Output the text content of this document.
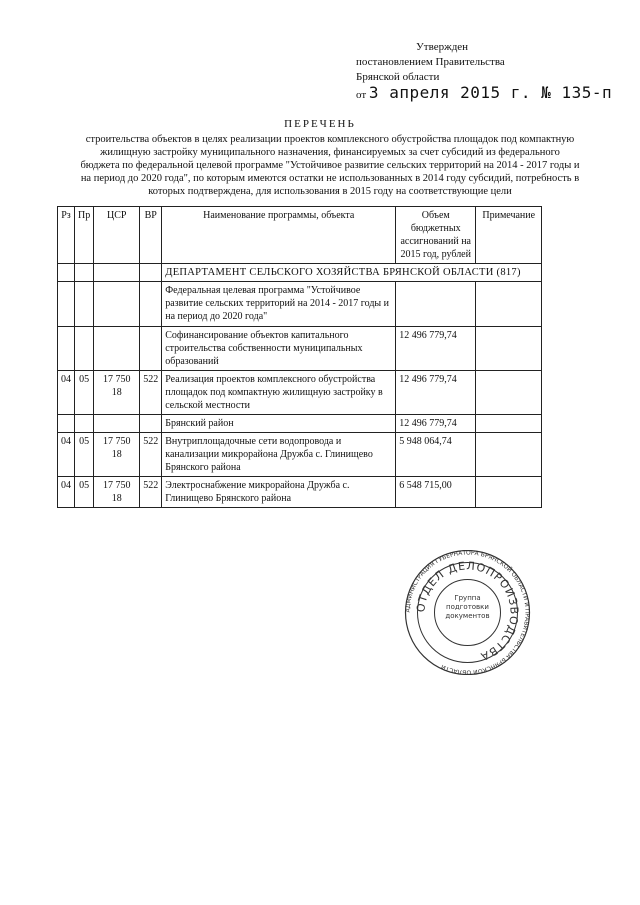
Утвержден
постановлением Правительства
Брянской области
от 3 апреля 2015 г. № 135-п
ПЕРЕЧЕНЬ
строительства объектов в целях реализации проектов комплексного обустройства площадок под компактную жилищную застройку муниципального назначения, финансируемых за счет субсидий из федерального бюджета по федеральной целевой программе "Устойчивое развитие сельских территорий на 2014 - 2017 годы и на период до 2020 года", по которым имеются остатки не использованных в 2014 году субсидий, потребность в которых подтверждена, для использования в 2015 году на соответствующие цели
Рз	Пр	ЦСР	ВР	Наименование программы, объекта	Объем бюджетных ассигнований на 2015 год, рублей	Примечание
				ДЕПАРТАМЕНТ СЕЛЬСКОГО ХОЗЯЙСТВА БРЯНСКОЙ ОБЛАСТИ (817)		
				Федеральная целевая программа "Устойчивое развитие сельских территорий на 2014 - 2017 годы и на период до 2020 года"		
				Софинансирование объектов капитального строительства собственности муниципальных образований	12 496 779,74	
04	05	17 750 18	522	Реализация проектов комплексного обустройства площадок под компактную жилищную застройку в сельской местности	12 496 779,74	
				Брянский район	12 496 779,74	
04	05	17 750 18	522	Внутриплощадочные сети водопровода и канализации микрорайона Дружба с. Глинищево Брянского района	5 948 064,74	
04	05	17 750 18	522	Электроснабжение микрорайона Дружба с. Глинищево Брянского района	6 548 715,00	
АДМИНИСТРАЦИЯ ГУБЕРНАТОРА БРЯНСКОЙ ОБЛАСТИ И ПРАВИТЕЛЬСТВА БРЯНСКОЙ ОБЛАСТИ
ОТДЕЛ ДЕЛОПРОИЗВОДСТВА
Группа подготовки документов
